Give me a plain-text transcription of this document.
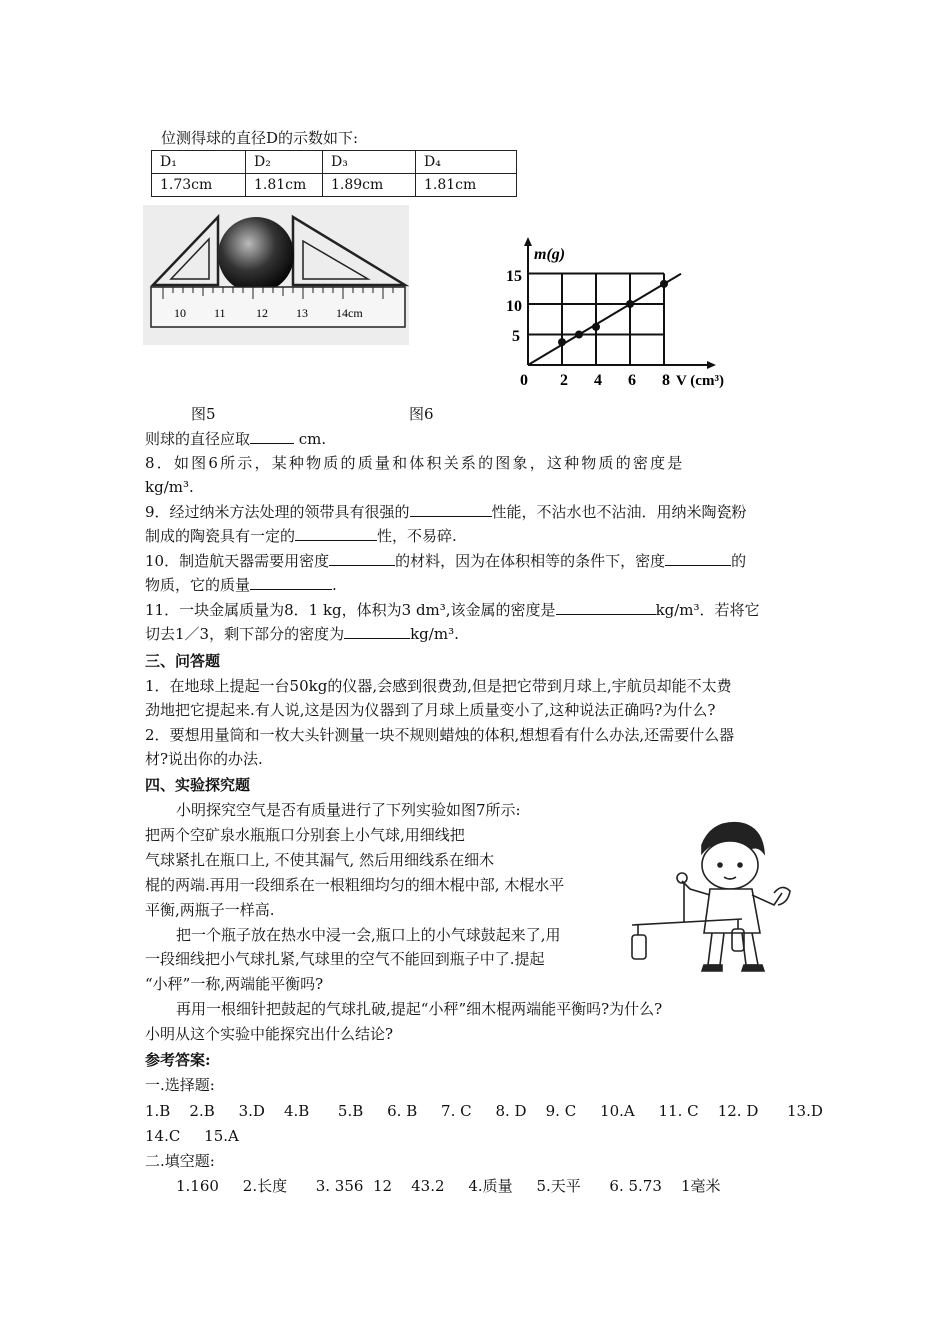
位测得球的直径D的示数如下:
D₁	D₂	D₃	D₄
1.73cm	1.81cm	1.89cm	1.81cm
10 11	12 13 14cm
m(g)
V (cm³)
15
10
5
0 2 4 6 8
图5	图6
则球的直径应取	cm.
8．如图6所示，某种物质的质量和体积关系的图象，这种物质的密度是
kg/m³.
9．经过纳米方法处理的领带具有很强的	性能，不沾水也不沾油．用纳米陶瓷粉
制成的陶瓷具有一定的	性，不易碎.
10．制造航天器需要用密度	的材料，因为在体积相等的条件下，密度	的
物质，它的质量	.
11．一块金属质量为8．1 kg，体积为3 dm³,该金属的密度是	kg/m³．若将它
切去1／3，剩下部分的密度为	kg/m³.
三、问答题
1．在地球上提起一台50kg的仪器,会感到很费劲,但是把它带到月球上,宇航员却能不太费
劲地把它提起来.有人说,这是因为仪器到了月球上质量变小了,这种说法正确吗?为什么?
2．要想用量筒和一枚大头针测量一块不规则蜡烛的体积,想想看有什么办法,还需要什么器
材?说出你的办法.
四、实验探究题
小明探究空气是否有质量进行了下列实验如图7所示:
把两个空矿泉水瓶瓶口分别套上小气球,用细线把
气球紧扎在瓶口上, 不使其漏气, 然后用细线系在细木
棍的两端.再用一段细系在一根粗细均匀的细木棍中部, 木棍水平
平衡,两瓶子一样高.
把一个瓶子放在热水中浸一会,瓶口上的小气球鼓起来了,用
一段细线把小气球扎紧,气球里的空气不能回到瓶子中了.提起
“小秤”一称,两端能平衡吗?
再用一根细针把鼓起的气球扎破,提起“小秤”细木棍两端能平衡吗?为什么?
小明从这个实验中能探究出什么结论?
参考答案:
一.选择题:
1.B    2.B     3.D    4.B      5.B     6. B     7. C     8. D    9. C     10.A     11. C    12. D      13.D
14.C     15.A
二.填空题:
1.160     2.长度      3. 356  12    43.2     4.质量     5.天平      6. 5.73    1毫米
